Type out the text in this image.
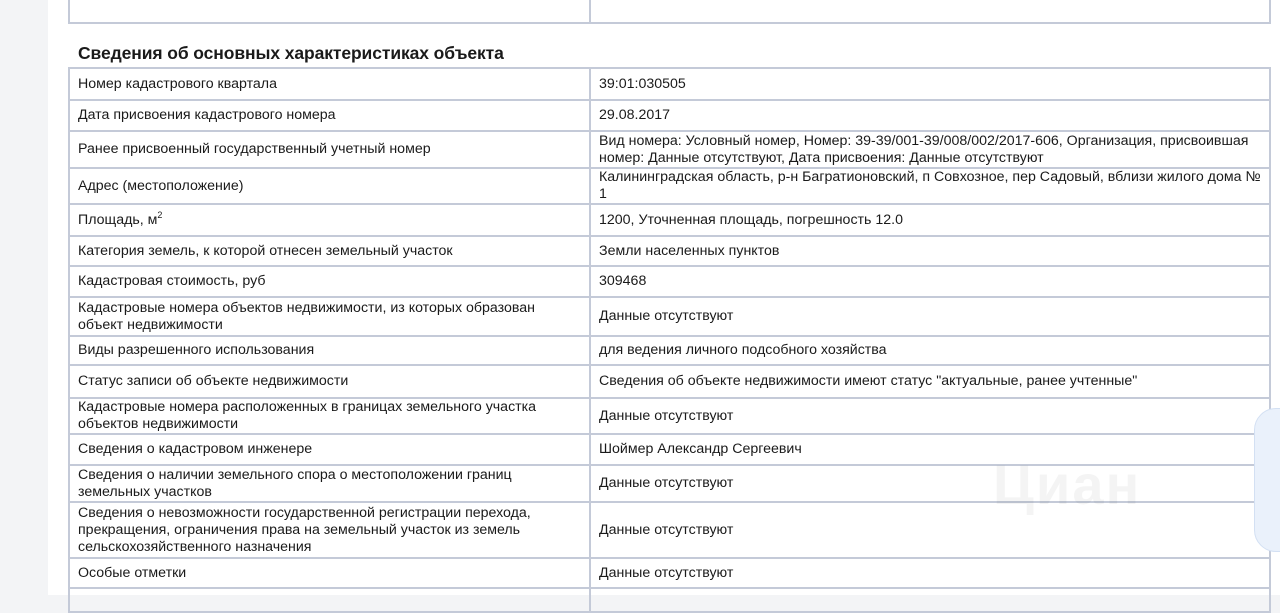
Сведения об основных характеристиках объекта
Номер кадастрового квартала	39:01:030505
Дата присвоения кадастрового номера	29.08.2017
Ранее присвоенный государственный учетный номер	Вид номера: Условный номер, Номер: 39-39/001-39/008/002/2017-606, Организация, присвоившая номер: Данные отсутствуют, Дата присвоения: Данные отсутствуют
Адрес (местоположение)	Калининградская область, р-н Багратионовский, п Совхозное, пер Садовый, вблизи жилого дома № 1
Площадь, $м^2$	1200, Уточненная площадь, погрешность 12.0
Категория земель, к которой отнесен земельный участок	Земли населенных пунктов
Кадастровая стоимость, руб	309468
Кадастровые номера объектов недвижимости, из которых образован объект недвижимости	Данные отсутствуют
Виды разрешенного использования	для ведения личного подсобного хозяйства
Статус записи об объекте недвижимости	Сведения об объекте недвижимости имеют статус "актуальные, ранее учтенные"
Кадастровые номера расположенных в границах земельного участка объектов недвижимости	Данные отсутствуют
Сведения о кадастровом инженере	Шоймер Александр Сергеевич
Сведения о наличии земельного спора о местоположении границ земельных участков	Данные отсутствуют
Сведения о невозможности государственной регистрации перехода, прекращения, ограничения права на земельный участок из земель сельскохозяйственного назначения	Данные отсутствуют
Особые отметки	Данные отсутствуют
